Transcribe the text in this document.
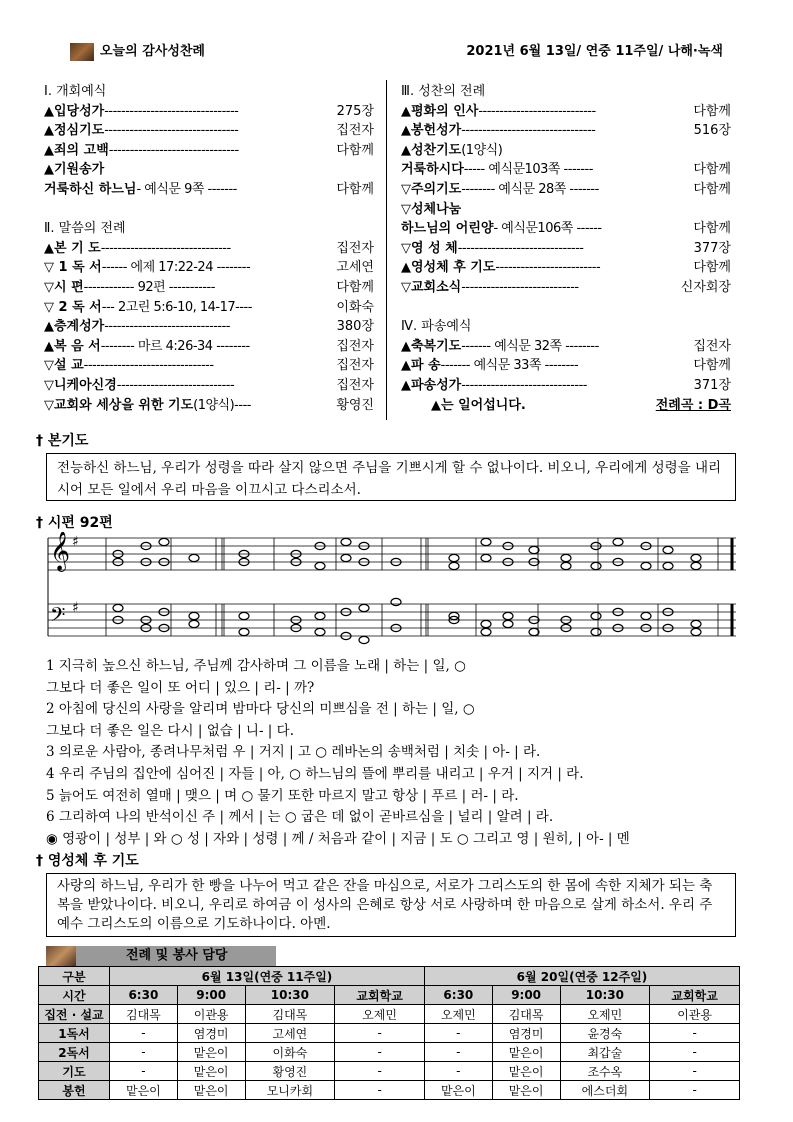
오늘의 감사성찬례	2021년 6월 13일/ 연중 11주일/ 나해·녹색
Ⅰ. 개회예식
▲입당성가 --------------------------------	275장
▲정심기도 --------------------------------	집전자
▲죄의 고백 -------------------------------	다함께
▲기원송가
거룩하신 하느님 - 예식문 9쪽 -------	다함께
Ⅱ. 말씀의 전례
▲본 기 도 -------------------------------	집전자
▽ 1 독 서 ------ 에제 17:22-24 --------	고세연
▽시 편 ------------ 92편 -----------	다함께
▽ 2 독 서 --- 2고린 5:6-10, 14-17----	이화숙
▲층계성가 ------------------------------	380장
▲복 음 서 -------- 마르 4:26-34 --------	집전자
▽설 교 -------------------------------	집전자
▽니케아신경 ----------------------------	집전자
▽교회와 세상을 위한 기도 (1양식)----	황영진
Ⅲ. 성찬의 전례
▲평화의 인사 ----------------------------	다함께
▲봉헌성가 --------------------------------	516장
▲성찬기도 (1양식)
거룩하시다 ----- 예식문103쪽 -------	다함께
▽주의기도 -------- 예식문 28쪽 -------	다함께
▽성체나눔
하느님의 어린양 - 예식문106쪽 ------	다함께
▽영 성 체 ------------------------------	377장
▲영성체 후 기도 -------------------------	다함께
▽교회소식 ----------------------------	신자회장
Ⅳ. 파송예식
▲축복기도 ------- 예식문 32쪽 --------	집전자
▲파 송 ------- 예식문 33쪽 --------	다함께
▲파송성가 ------------------------------	371장
▲는 일어섭니다.	전례곡 : D곡
† 본기도
전능하신 하느님, 우리가 성령을 따라 살지 않으면 주님을 기쁘시게 할 수 없나이다. 비오니, 우리에게 성령을 내리시어 모든 일에서 우리 마음을 이끄시고 다스리소서.
† 시편 92편
𝄞 ♯
𝄢 ♯
1 지극히 높으신 하느님, 주님께 감사하며 그 이름을 노래 | 하는 | 일, ○
그보다 더 좋은 일이 또 어디 | 있으 | 리- | 까?
2 아침에 당신의 사랑을 알리며 밤마다 당신의 미쁘심을 전 | 하는 | 일, ○
그보다 더 좋은 일은 다시 | 없습 | 니- | 다.
3 의로운 사람아, 종려나무처럼 우 | 거지 | 고 ○ 레바논의 송백처럼 | 치솟 | 아- | 라.
4 우리 주님의 집안에 심어진 | 자들 | 아, ○ 하느님의 뜰에 뿌리를 내리고 | 우거 | 지거 | 라.
5 늙어도 여전히 열매 | 맺으 | 며 ○ 물기 또한 마르지 말고 항상 | 푸르 | 러- | 라.
6 그리하여 나의 반석이신 주 | 께서 | 는 ○ 굽은 데 없이 곧바르심을 | 널리 | 알려 | 라.
◉ 영광이 | 성부 | 와 ○ 성 | 자와 | 성령 | 께 / 처음과 같이 | 지금 | 도 ○ 그리고 영 | 원히, | 아- | 멘
† 영성체 후 기도
사랑의 하느님, 우리가 한 빵을 나누어 먹고 같은 잔을 마심으로, 서로가 그리스도의 한 몸에 속한 지체가 되는 축복을 받았나이다. 비오니, 우리로 하여금 이 성사의 은혜로 항상 서로 사랑하며 한 마음으로 살게 하소서. 우리 주 예수 그리스도의 이름으로 기도하나이다. 아멘.
전례 및 봉사 담당
구분	6월 13일(연중 11주일)				6월 20일(연중 12주일)			
시간	6:30	9:00	10:30	교회학교	6:30	9:00	10:30	교회학교
집전 · 설교	김대목	이관용	김대목	오제민	오제민	김대목	오제민	이관용
1독서	-	염경미	고세연	-	-	염경미	윤경숙	-
2독서	-	맡은이	이화숙	-	-	맡은이	최갑술	-
기도	-	맡은이	황영진	-	-	맡은이	조수옥	-
봉헌	맡은이	맡은이	모니카회	-	맡은이	맡은이	에스더회	-
